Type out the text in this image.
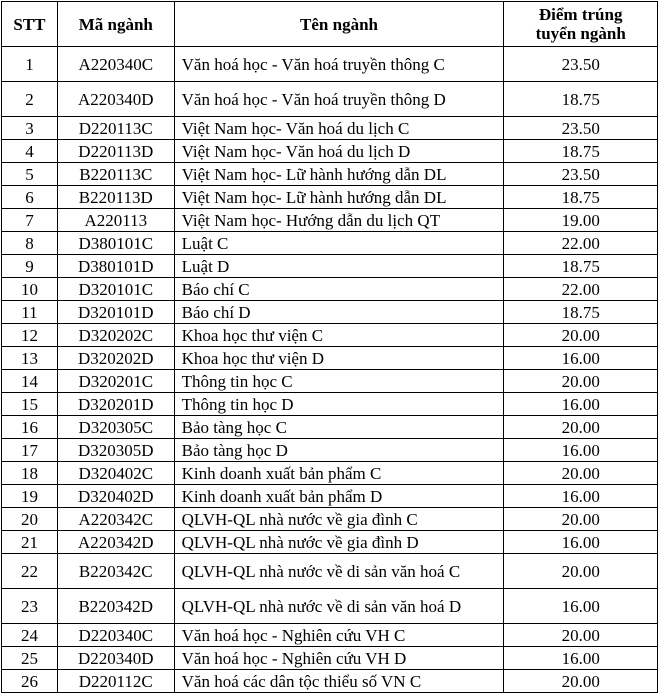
STT	Mã ngành	Tên ngành	Điểm trúng
tuyển ngành

1	A220340C	Văn hoá học - Văn hoá truyền thông C	23.50
2	A220340D	Văn hoá học - Văn hoá truyền thông D	18.75
3	D220113C	Việt Nam học- Văn hoá du lịch C	23.50
4	D220113D	Việt Nam học- Văn hoá du lịch D	18.75
5	B220113C	Việt Nam học- Lữ hành hướng dẫn DL	23.50
6	B220113D	Việt Nam học- Lữ hành hướng dẫn DL	18.75
7	A220113	Việt Nam học- Hướng dẫn du lịch QT	19.00
8	D380101C	Luật C	22.00
9	D380101D	Luật D	18.75
10	D320101C	Báo chí C	22.00
11	D320101D	Báo chí D	18.75
12	D320202C	Khoa học thư viện C	20.00
13	D320202D	Khoa học thư viện D	16.00
14	D320201C	Thông tin học C	20.00
15	D320201D	Thông tin học D	16.00
16	D320305C	Bảo tàng học C	20.00
17	D320305D	Bảo tàng học D	16.00
18	D320402C	Kinh doanh xuất bản phẩm C	20.00
19	D320402D	Kinh doanh xuất bản phẩm D	16.00
20	A220342C	QLVH-QL nhà nước về gia đình C	20.00
21	A220342D	QLVH-QL nhà nước về gia đình D	16.00
22	B220342C	QLVH-QL nhà nước về di sản văn hoá C	20.00
23	B220342D	QLVH-QL nhà nước về di sản văn hoá D	16.00
24	D220340C	Văn hoá học - Nghiên cứu VH C	20.00
25	D220340D	Văn hoá học - Nghiên cứu VH D	16.00
26	D220112C	Văn hoá các dân tộc thiểu số VN C	20.00
